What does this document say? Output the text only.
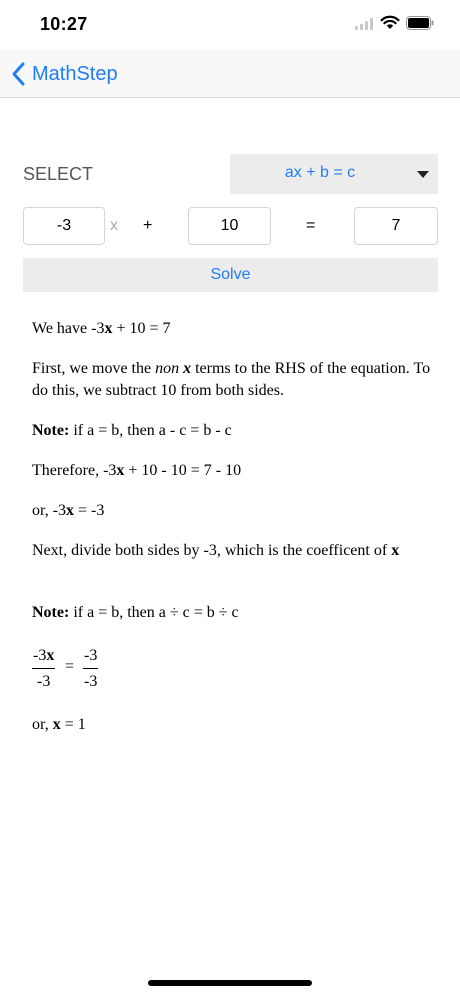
10:27
MathStep
SELECT	ax + b = c
-3
x +
10	=
7
Solve
We have -3x + 10 = 7
First, we move the non x terms to the RHS of the equation. To do this, we subtract 10 from both sides.
Note: if a = b, then a - c = b - c
Therefore, -3x + 10 - 10 = 7 - 10
or, -3x = -3
Next, divide both sides by -3, which is the coefficent of x
Note: if a = b, then a ÷ c = b ÷ c
$\frac{-3x}{-3} = \frac{-3}{-3}$
or, x = 1
